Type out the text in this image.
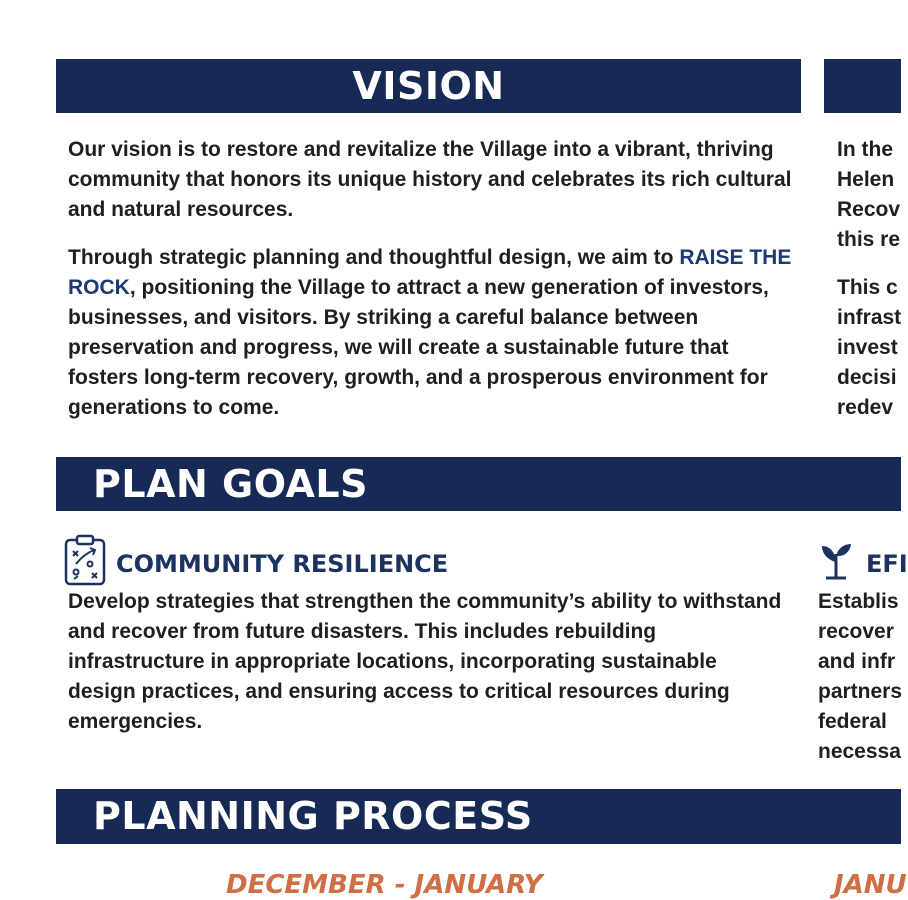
VISION

Our vision is to restore and revitalize the Village into a vibrant, thriving community that honors its unique history and celebrates its rich cultural and natural resources.

Through strategic planning and thoughtful design, we aim to RAISE THE ROCK, positioning the Village to attract a new generation of investors, businesses, and visitors. By striking a careful balance between preservation and progress, we will create a sustainable future that fosters long-term recovery, growth, and a prosperous environment for generations to come.

In the
Helen
Recov
this re
This c
infrast
invest
decisi
redev
PLAN GOALS
COMMUNITY RESILIENCE

Develop strategies that strengthen the community’s ability to withstand and recover from future disasters. This includes rebuilding infrastructure in appropriate locations, incorporating sustainable design practices, and ensuring access to critical resources during emergencies.

EFI
Establis
recover
and infr
partners
federal
necessa
PLANNING PROCESS
DECEMBER - JANUARY	JANU
